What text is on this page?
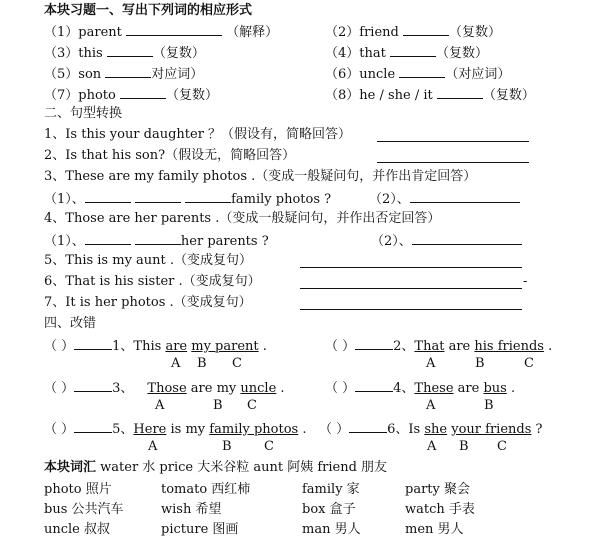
本块习题一、写出下列词的相应形式
（1）parent	（解释）	（2）friend	（复数）
（3）this	（复数）	（4）that	（复数）
（5）son	对应词）	（6）uncle	（对应词）
（7）photo	（复数）	（8）he / she / it	（复数）
二、句型转换
1、Is this your daughter ？（假设有，简略回答）
2、Is that his son?（假设无，简略回答）
3、These are my family photos .（变成一般疑问句，并作出肯定回答）
（1）、	family photos ?	（2）、
4、Those are her parents .（变成一般疑问句，并作出否定回答）
（1）、	her parents ?	（2）、
5、This is my aunt .（变成复句）
6、That is his sister .（变成复句）	-
7、It is her photos .（变成复句）
四、改错
（ ）	1、This are my parent .
A B C
（ ）	2、That are his friends .
A	B	C
（ ）	3、 Those are my uncle .
A	B C
（ ）	4、These are bus .
A	B
（ ）	5、Here is my family photos .
A	B C
（ ）	6、Is she your friends ?
A B C
本块词汇 water 水 price 大米谷粒 aunt 阿姨 friend 朋友
photo 照片	tomato 西红柿	family 家	party 聚会
bus 公共汽车	wish 希望	box 盒子	watch 手表
uncle 叔叔	picture 图画	man 男人	men 男人
